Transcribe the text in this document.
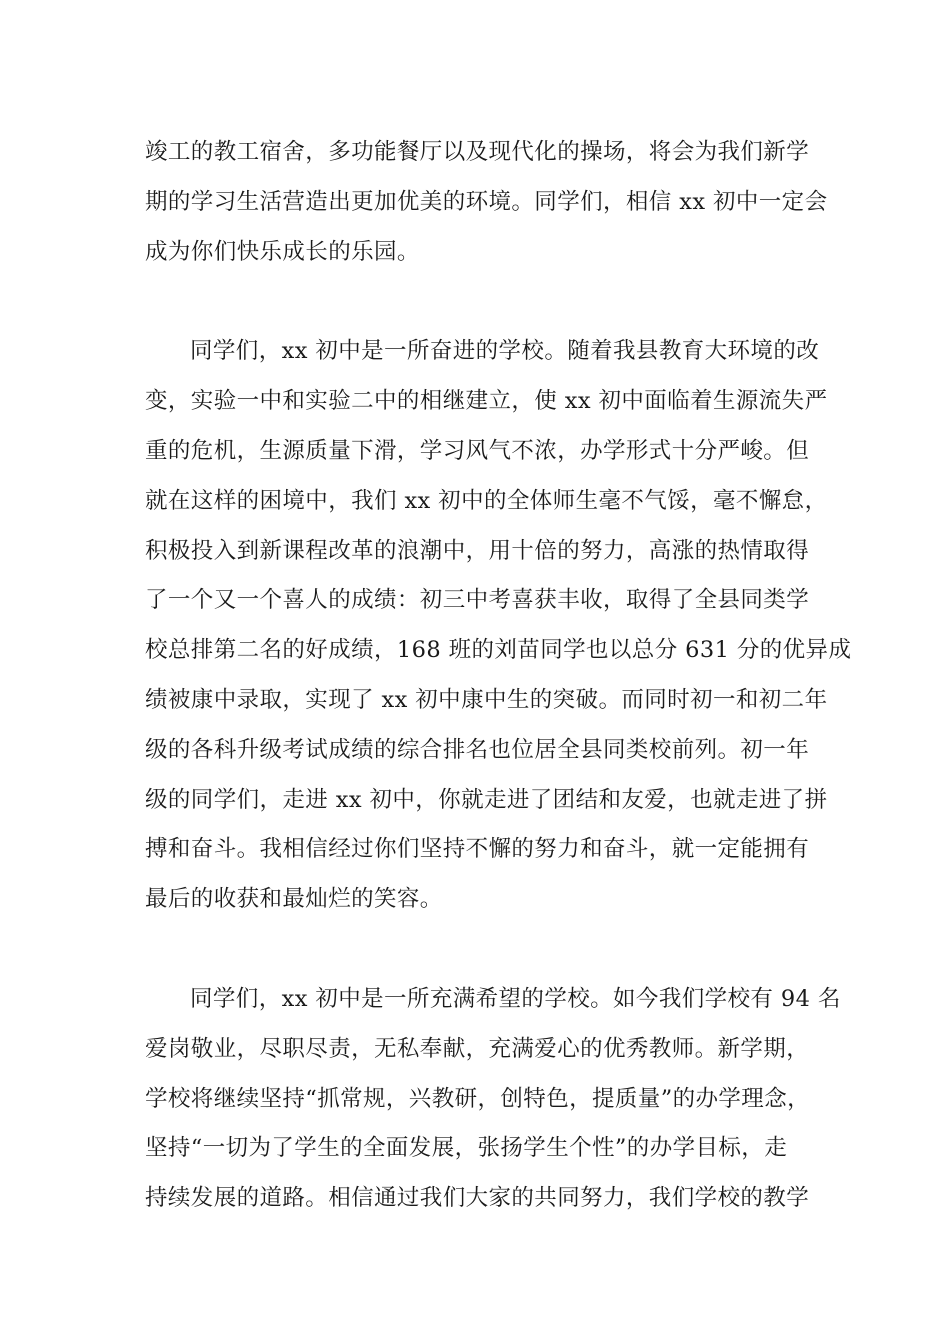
竣工的教工宿舍，多功能餐厅以及现代化的操场，将会为我们新学
期的学习生活营造出更加优美的环境。同学们，相信 xx 初中一定会
成为你们快乐成长的乐园。

同学们，xx 初中是一所奋进的学校。随着我县教育大环境的改
变，实验一中和实验二中的相继建立，使 xx 初中面临着生源流失严
重的危机，生源质量下滑，学习风气不浓，办学形式十分严峻。但
就在这样的困境中，我们 xx 初中的全体师生毫不气馁，毫不懈怠，
积极投入到新课程改革的浪潮中，用十倍的努力，高涨的热情取得
了一个又一个喜人的成绩：初三中考喜获丰收，取得了全县同类学
校总排第二名的好成绩，168 班的刘苗同学也以总分 631 分的优异成
绩被康中录取，实现了 xx 初中康中生的突破。而同时初一和初二年
级的各科升级考试成绩的综合排名也位居全县同类校前列。初一年
级的同学们，走进 xx 初中，你就走进了团结和友爱，也就走进了拼
搏和奋斗。我相信经过你们坚持不懈的努力和奋斗，就一定能拥有
最后的收获和最灿烂的笑容。

同学们，xx 初中是一所充满希望的学校。如今我们学校有 94 名
爱岗敬业，尽职尽责，无私奉献，充满爱心的优秀教师。新学期，
学校将继续坚持“抓常规，兴教研，创特色，提质量”的办学理念，
坚持“一切为了学生的全面发展，张扬学生个性”的办学目标，走
持续发展的道路。相信通过我们大家的共同努力，我们学校的教学
